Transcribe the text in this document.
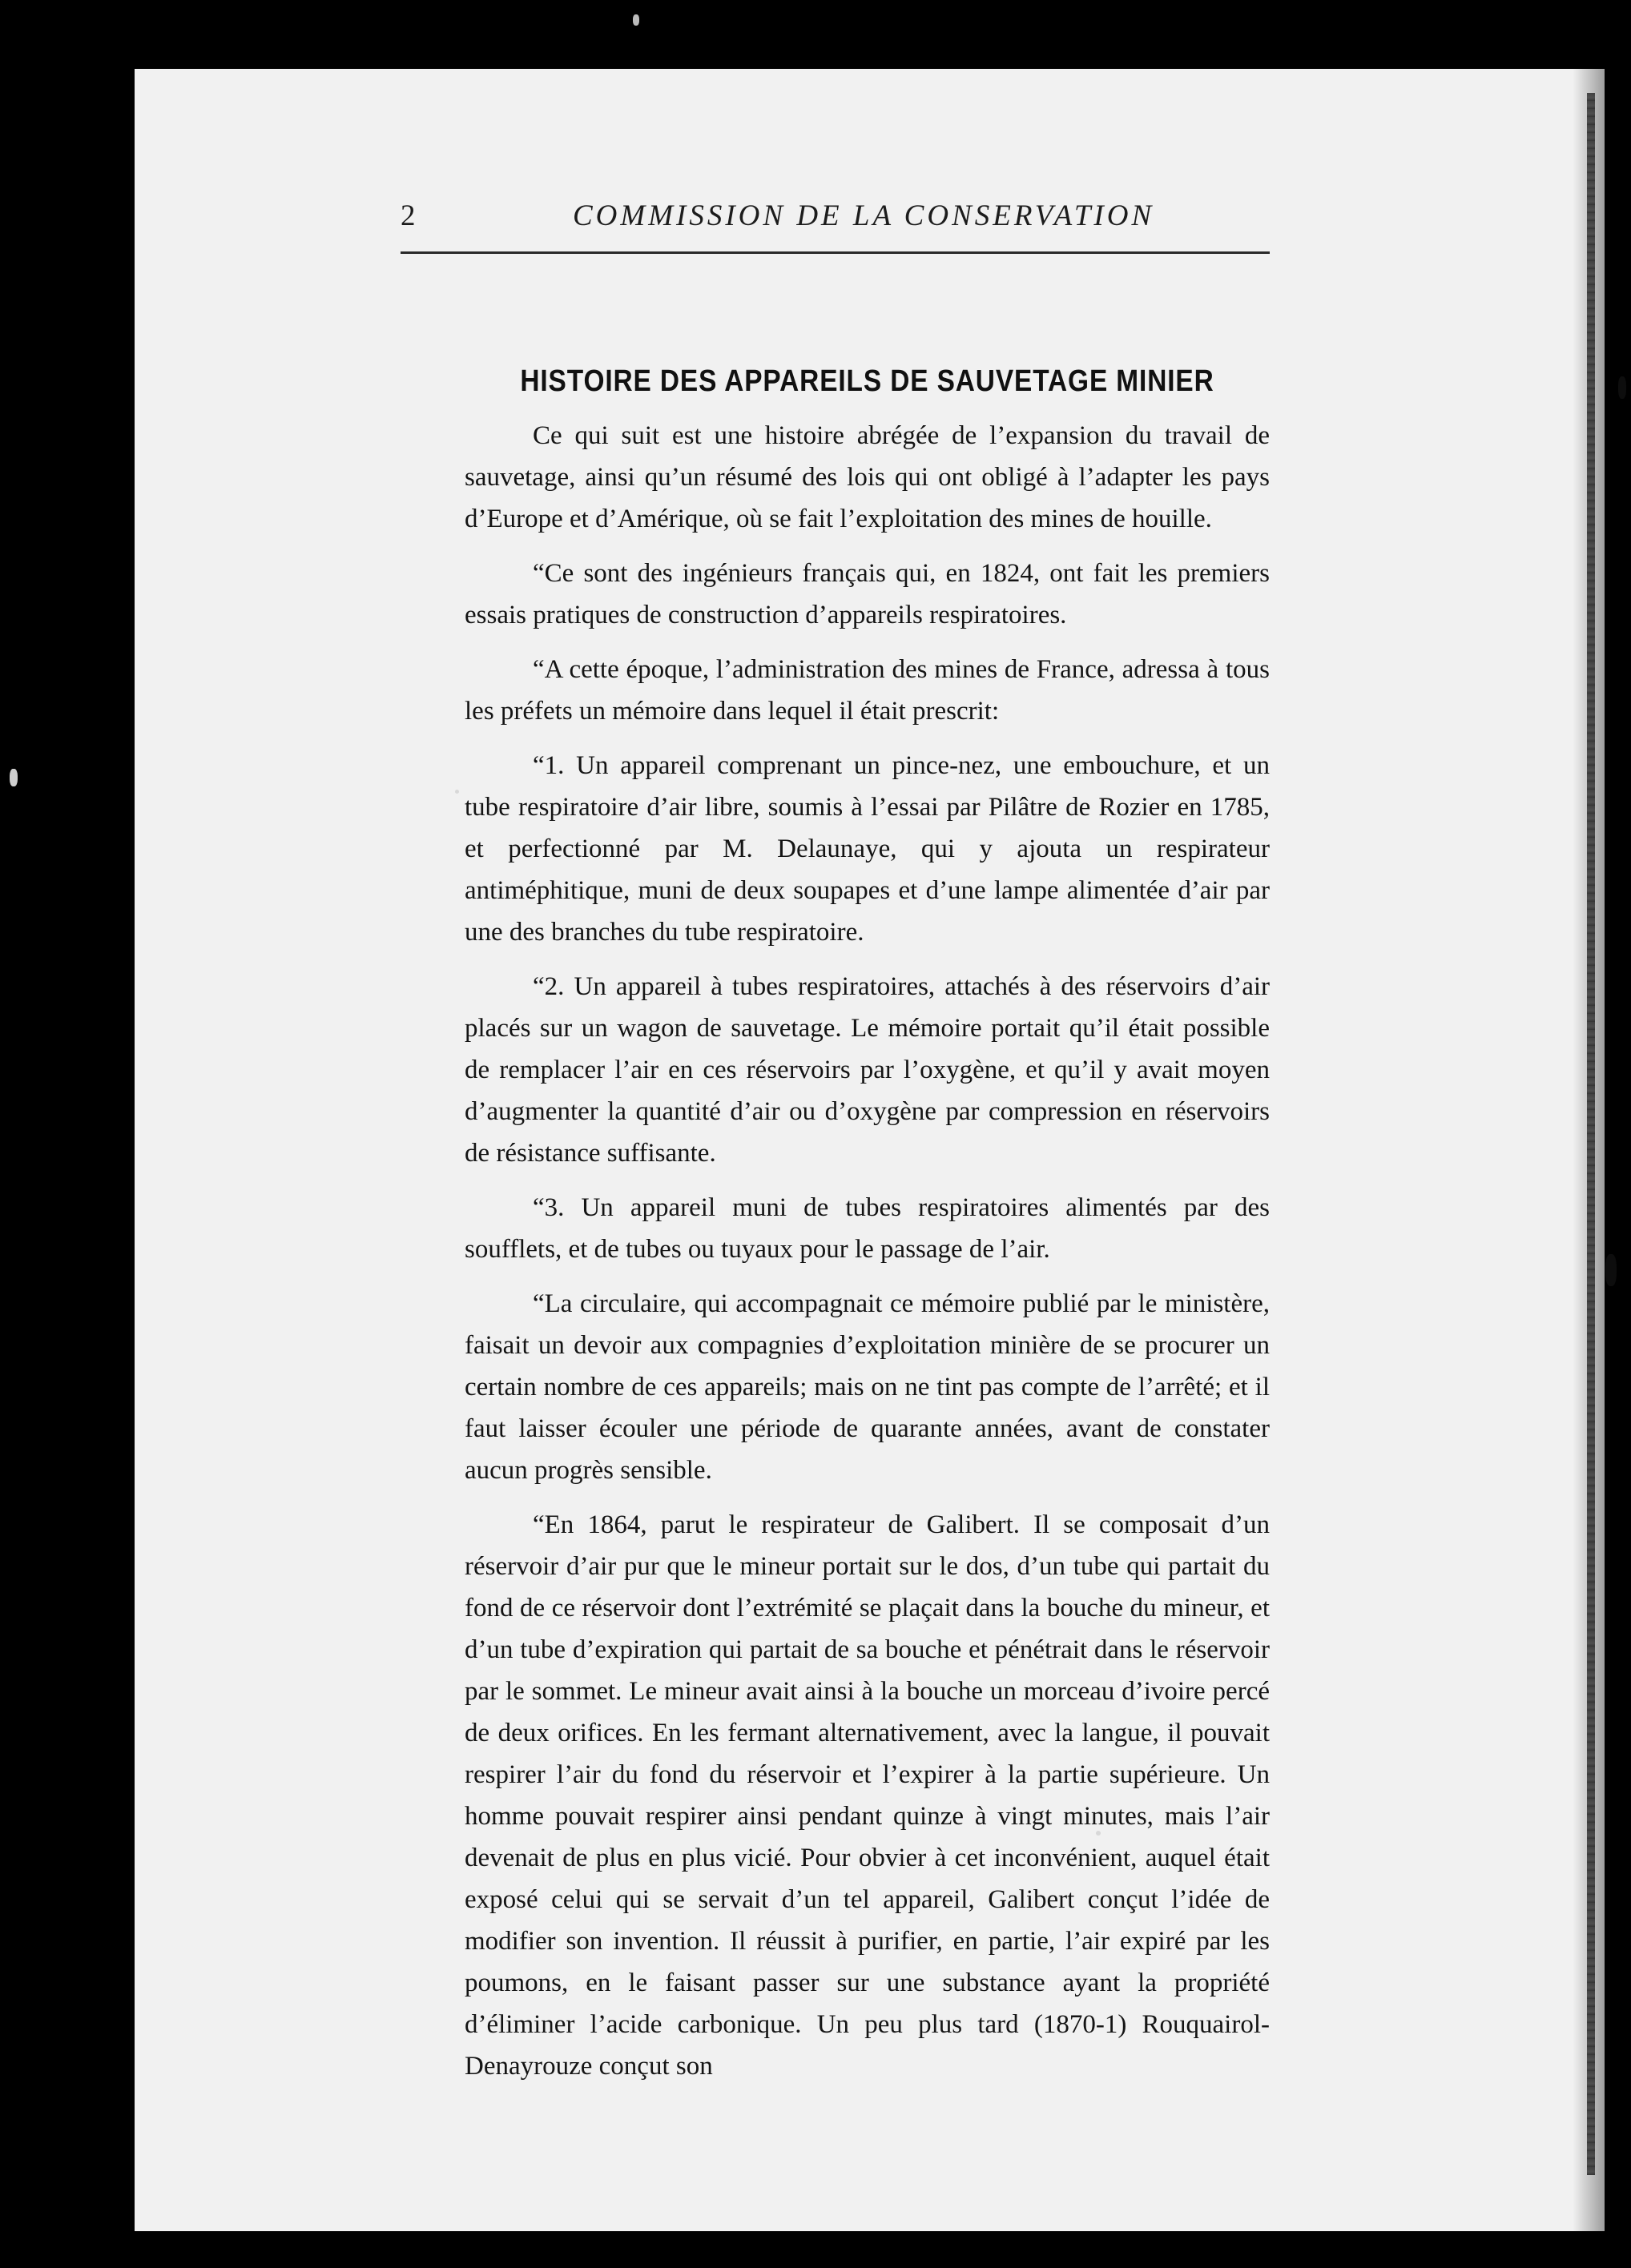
2	COMMISSION DE LA CONSERVATION
HISTOIRE DES APPAREILS DE SAUVETAGE MINIER

Ce qui suit est une histoire abrégée de l’expansion du travail de sauvetage, ainsi qu’un résumé des lois qui ont obligé à l’adapter les pays d’Europe et d’Amérique, où se fait l’exploitation des mines de houille.

“Ce sont des ingénieurs français qui, en 1824, ont fait les premiers essais pratiques de construction d’appareils respiratoires.

“A cette époque, l’administration des mines de France, adressa à tous les préfets un mémoire dans lequel il était prescrit:

“1. Un appareil comprenant un pince-nez, une embouchure, et un tube respiratoire d’air libre, soumis à l’essai par Pilâtre de Rozier en 1785, et perfectionné par M. Delaunaye, qui y ajouta un respirateur antiméphitique, muni de deux soupapes et d’une lampe alimentée d’air par une des branches du tube respiratoire.

“2. Un appareil à tubes respiratoires, attachés à des réservoirs d’air placés sur un wagon de sauvetage. Le mémoire portait qu’il était possible de remplacer l’air en ces réservoirs par l’oxygène, et qu’il y avait moyen d’augmenter la quantité d’air ou d’oxygène par compression en réservoirs de résistance suffisante.

“3. Un appareil muni de tubes respiratoires alimentés par des soufflets, et de tubes ou tuyaux pour le passage de l’air.

“La circulaire, qui accompagnait ce mémoire publié par le ministère, faisait un devoir aux compagnies d’exploitation minière de se procurer un certain nombre de ces appareils; mais on ne tint pas compte de l’arrêté; et il faut laisser écouler une période de quarante années, avant de constater aucun progrès sensible.

“En 1864, parut le respirateur de Galibert. Il se composait d’un réservoir d’air pur que le mineur portait sur le dos, d’un tube qui partait du fond de ce réservoir dont l’extrémité se plaçait dans la bouche du mineur, et d’un tube d’expiration qui partait de sa bouche et pénétrait dans le réservoir par le sommet. Le mineur avait ainsi à la bouche un morceau d’ivoire percé de deux orifices. En les fermant alternativement, avec la langue, il pouvait respirer l’air du fond du réservoir et l’expirer à la partie supérieure. Un homme pouvait respirer ainsi pendant quinze à vingt minutes, mais l’air devenait de plus en plus vicié. Pour obvier à cet inconvénient, auquel était exposé celui qui se servait d’un tel appareil, Galibert conçut l’idée de modifier son invention. Il réussit à purifier, en partie, l’air expiré par les poumons, en le faisant passer sur une substance ayant la propriété d’éliminer l’acide carbonique. Un peu plus tard (1870-1) Rouquairol-Denayrouze conçut son
